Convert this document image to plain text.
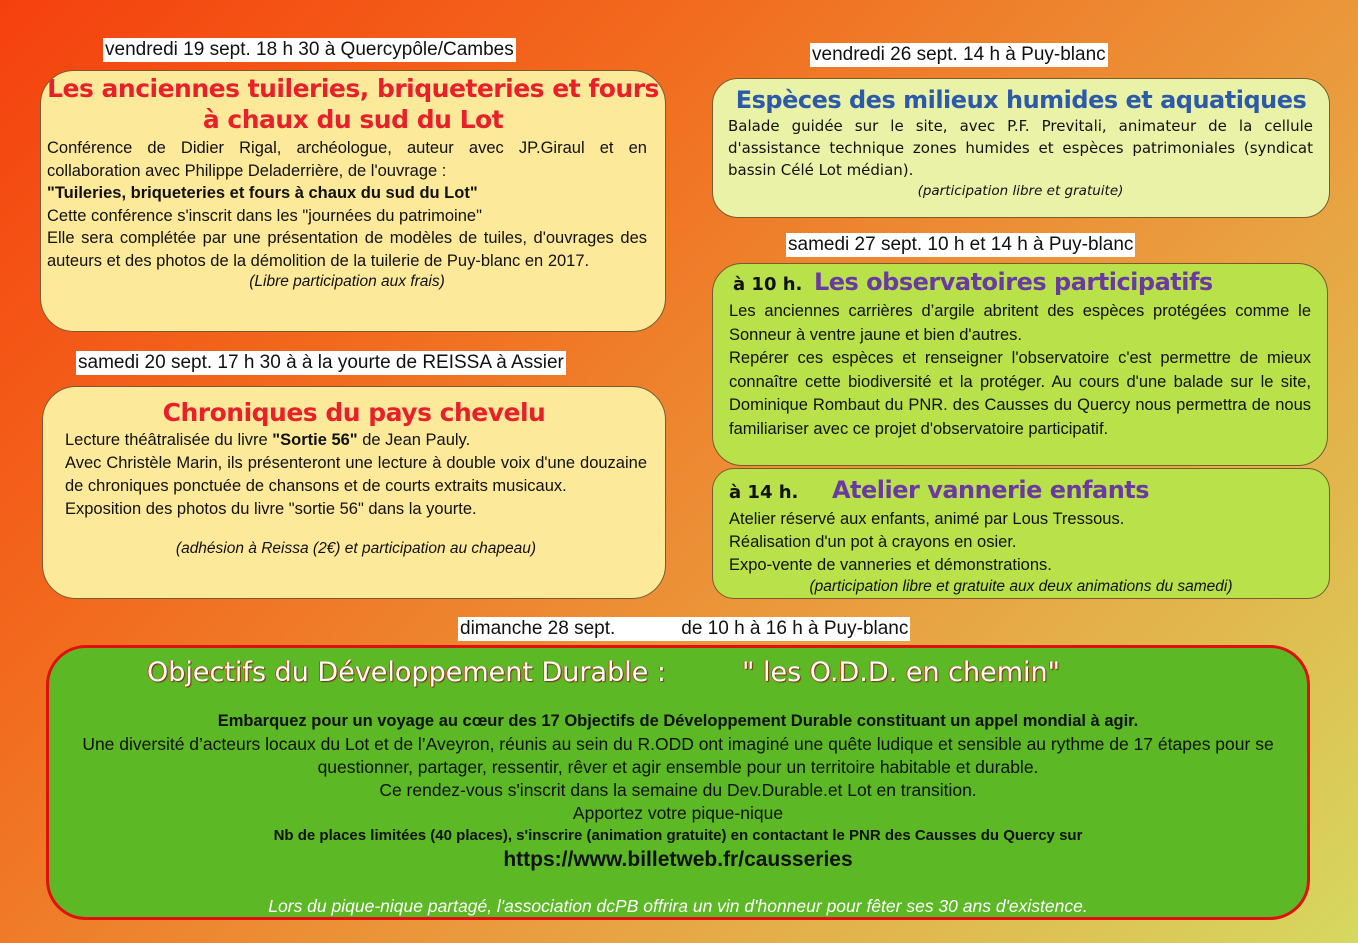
vendredi 19 sept. 18 h 30 à Quercypôle/Cambes
Les anciennes tuileries, briqueteries et fours
à chaux du sud du Lot

Conférence de Didier Rigal, archéologue, auteur avec JP.Giraul et en collaboration avec Philippe Deladerrière, de l'ouvrage :

"Tuileries, briqueteries et fours à chaux du sud du Lot"

Cette conférence s'inscrit dans les "journées du patrimoine"

Elle sera complétée par une présentation de modèles de tuiles, d'ouvrages des auteurs et des photos de la démolition de la tuilerie de Puy-blanc en 2017.

(Libre participation aux frais)

samedi 20 sept. 17 h 30 à à la yourte de REISSA à Assier
Chroniques du pays chevelu

Lecture théâtralisée du livre "Sortie 56" de Jean Pauly.

Avec Christèle Marin, ils présenteront une lecture à double voix d'une douzaine de chroniques ponctuée de chansons et de courts extraits musicaux.

Exposition des photos du livre "sortie 56" dans la yourte.

(adhésion à Reissa (2€) et participation au chapeau)

vendredi 26 sept. 14 h à Puy-blanc
Espèces des milieux humides et aquatiques

Balade guidée sur le site, avec P.F. Previtali, animateur de la cellule d'assistance technique zones humides et espèces patrimoniales (syndicat bassin Célé Lot médian).

(participation libre et gratuite)

samedi 27 sept. 10 h et 14 h à Puy-blanc
à 10 h. Les observatoires participatifs

Les anciennes carrières d’argile abritent des espèces protégées comme le Sonneur à ventre jaune et bien d'autres.

Repérer ces espèces et renseigner l'observatoire c'est permettre de mieux connaître cette biodiversité et la protéger. Au cours d'une balade sur le site, Dominique Rombaut du PNR. des Causses du Quercy nous permettra de nous familiariser avec ce projet d'observatoire participatif.

à 14 h. Atelier vannerie enfants

Atelier réservé aux enfants, animé par Lous Tressous.

Réalisation d'un pot à crayons en osier.

Expo-vente de vanneries et démonstrations.

(participation libre et gratuite aux deux animations du samedi)

dimanche 28 sept.	de 10 h à 16 h à Puy-blanc
Objectifs du Développement Durable :	" les O.D.D. en chemin"

Embarquez pour un voyage au cœur des 17 Objectifs de Développement Durable constituant un appel mondial à agir.

Une diversité d’acteurs locaux du Lot et de l’Aveyron, réunis au sein du R.ODD ont imaginé une quête ludique et sensible au rythme de 17 étapes pour se questionner, partager, ressentir, rêver et agir ensemble pour un territoire habitable et durable.

Ce rendez-vous s'inscrit dans la semaine du Dev.Durable.et Lot en transition.

Apportez votre pique-nique

Nb de places limitées (40 places), s'inscrire (animation gratuite) en contactant le PNR des Causses du Quercy sur

https://www.billetweb.fr/causseries

Lors du pique-nique partagé, l'association dcPB offrira un vin d'honneur pour fêter ses 30 ans d'existence.
